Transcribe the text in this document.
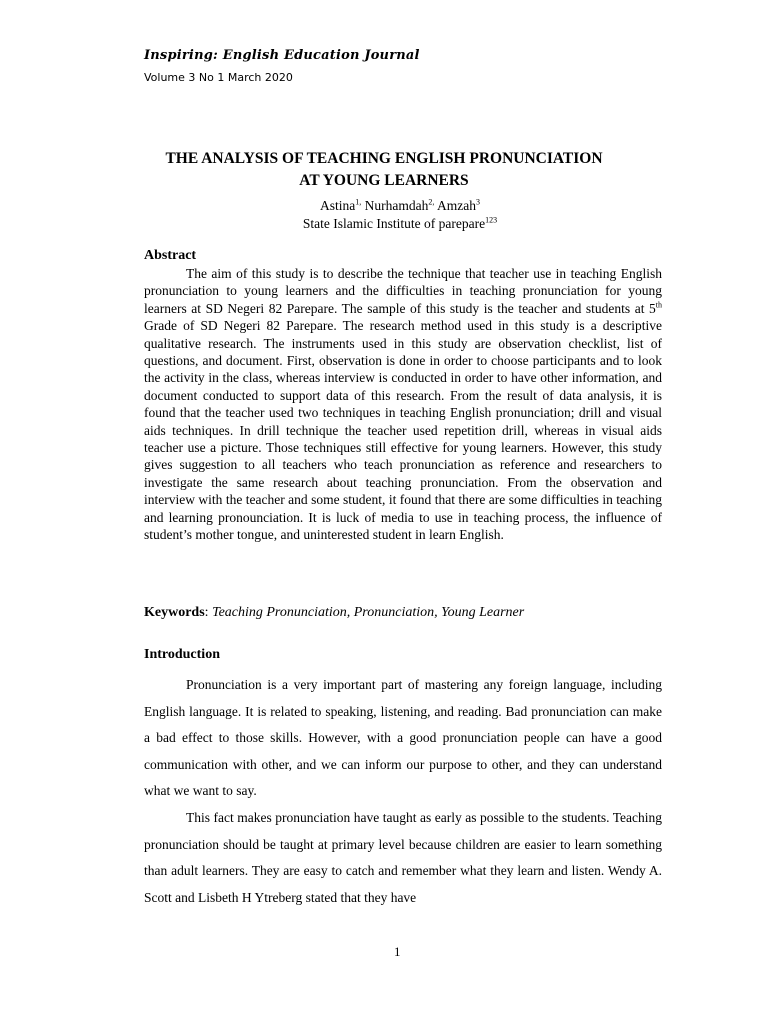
Inspiring: English Education Journal
Volume 3 No 1 March 2020
THE ANALYSIS OF TEACHING ENGLISH PRONUNCIATION
AT YOUNG LEARNERS
Astina$^{1,}$ Nurhamdah$^{2,}$ Amzah$^3$
State Islamic Institute of parepare$^{123}$
Abstract

The aim of this study is to describe the technique that teacher use in teaching English pronunciation to young learners and the difficulties in teaching pronunciation for young learners at SD Negeri 82 Parepare. The sample of this study is the teacher and students at 5th Grade of SD Negeri 82 Parepare. The research method used in this study is a descriptive qualitative research. The instruments used in this study are observation checklist, list of questions, and document. First, observation is done in order to choose participants and to look the activity in the class, whereas interview is conducted in order to have other information, and document conducted to support data of this research. From the result of data analysis, it is found that the teacher used two techniques in teaching English pronunciation; drill and visual aids techniques. In drill technique the teacher used repetition drill, whereas in visual aids teacher use a picture. Those techniques still effective for young learners. However, this study gives suggestion to all teachers who teach pronunciation as reference and researchers to investigate the same research about teaching pronunciation. From the observation and interview with the teacher and some student, it found that there are some difficulties in teaching and learning pronounciation. It is luck of media to use in teaching process, the influence of student’s mother tongue, and uninterested student in learn English.

Keywords: Teaching Pronunciation, Pronunciation, Young Learner
Introduction

Pronunciation is a very important part of mastering any foreign language, including English language. It is related to speaking, listening, and reading. Bad pronunciation can make a bad effect to those skills. However, with a good pronunciation people can have a good communication with other, and we can inform our purpose to other, and they can understand what we want to say.

This fact makes pronunciation have taught as early as possible to the students. Teaching pronunciation should be taught at primary level because children are easier to learn something than adult learners. They are easy to catch and remember what they learn and listen. Wendy A. Scott and Lisbeth H Ytreberg stated that they have

1
